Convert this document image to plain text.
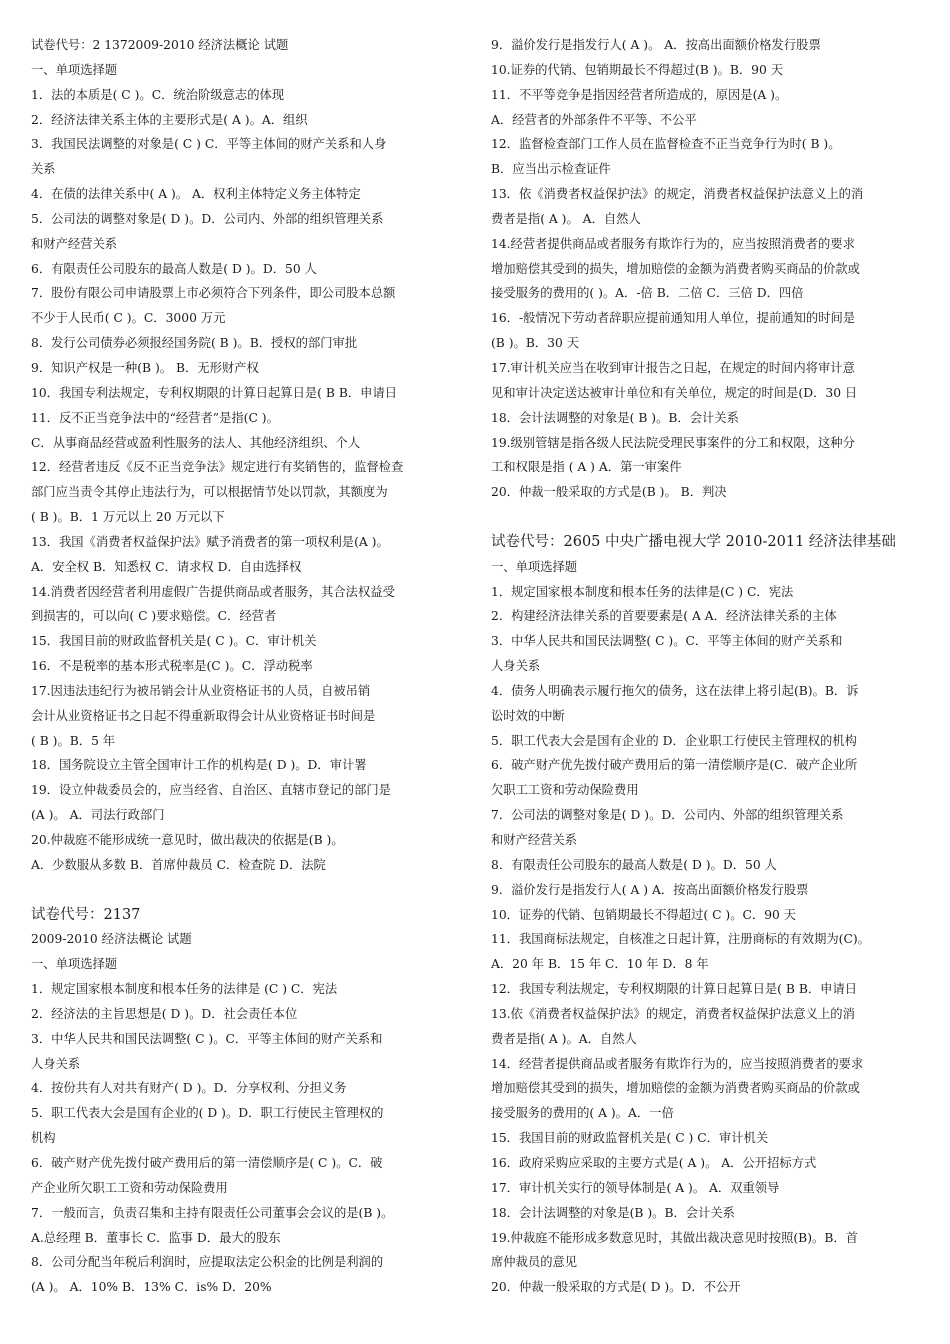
试卷代号：2 1372009-2010 经济法概论 试题
一、单项选择题
1．法的本质是( C )。C．统治阶级意志的体现
2．经济法律关系主体的主要形式是( A )。A．组织
3．我国民法调整的对象是( C ) C．平等主体间的财产关系和人身
关系
4．在债的法律关系中( A )。 A．权利主体特定义务主体特定
5．公司法的调整对象是( D )。D．公司内、外部的组织管理关系
和财产经营关系
6．有限责任公司股东的最高人数是( D )。D．50 人
7．股份有限公司申请股票上市必须符合下列条件，即公司股本总额
不少于人民币( C )。C．3000 万元
8．发行公司债券必须报经国务院( B )。B．授权的部门审批
9．知识产权是一种(B )。 B．无形财产权
10．我国专利法规定，专利权期限的计算日起算日是( B B．申请日
11．反不正当竞争法中的“经营者”是指(C )。
C．从事商品经营或盈利性服务的法人、其他经济组织、个人
12．经营者违反《反不正当竞争法》规定进行有奖销售的，监督检查
部门应当责令其停止违法行为，可以根据情节处以罚款，其额度为
( B )。B．1 万元以上 20 万元以下
13．我国《消费者权益保护法》赋予消费者的第一项权利是(A )。
A．安全权 B．知悉权 C．请求权 D．自由选择权
14.消费者因经营者利用虚假广告提供商品或者服务，其合法权益受
到损害的，可以向( C )要求赔偿。C．经营者
15．我国目前的财政监督机关是( C )。C．审计机关
16．不是税率的基本形式税率是(C )。C．浮动税率
17.因违法违纪行为被吊销会计从业资格证书的人员，自被吊销
会计从业资格证书之日起不得重新取得会计从业资格证书时间是
( B )。B．5 年
18．国务院设立主管全国审计工作的机构是( D )。D．审计署
19．设立仲裁委员会的，应当经省、自治区、直辖市登记的部门是
(A )。 A．司法行政部门
20.仲裁庭不能形成统一意见时，做出裁决的依据是(B )。
A．少数服从多数 B．首席仲裁员 C．检查院 D．法院
试卷代号：2137
2009-2010 经济法概论 试题
一、单项选择题
1．规定国家根本制度和根本任务的法律是 (C ) C．宪法
2．经济法的主旨思想是( D )。D．社会责任本位
3．中华人民共和国民法调整( C )。C．平等主体间的财产关系和
人身关系
4．按份共有人对共有财产( D )。D．分享权利、分担义务
5．职工代表大会是国有企业的( D )。D．职工行使民主管理权的
机构
6．破产财产优先拨付破产费用后的第一清偿顺序是( C )。C．破
产企业所欠职工工资和劳动保险费用
7．一般而言，负责召集和主持有限责任公司董事会会议的是(B )。
A.总经理 B．董事长 C．监事 D．最大的股东
8．公司分配当年税后利润时，应提取法定公积金的比例是利润的
(A )。 A．10% B．13% C．is% D．20%
9．溢价发行是指发行人( A )。 A．按高出面额价格发行股票
10.证券的代销、包销期最长不得超过(B )。B．90 天
11．不平等竞争是指因经营者所造成的，原因是(A )。
A．经营者的外部条件不平等、不公平
12．监督检查部门工作人员在监督检查不正当竞争行为时( B )。
B．应当出示检查证件
13．依《消费者权益保护法》的规定，消费者权益保护法意义上的消
费者是指( A )。 A．自然人
14.经营者提供商品或者服务有欺诈行为的，应当按照消费者的要求
增加赔偿其受到的损失，增加赔偿的金额为消费者购买商品的价款或
接受服务的费用的( )。A．-倍 B．二倍 C．三倍 D．四倍
16．-般情况下劳动者辞职应提前通知用人单位，提前通知的时间是
(B )。B．30 天
17.审计机关应当在收到审计报告之日起，在规定的时间内将审计意
见和审计决定送达被审计单位和有关单位，规定的时间是(D．30 日
18．会计法调整的对象是( B )。B．会计关系
19.级别管辖是指各级人民法院受理民事案件的分工和权限，这种分
工和权限是指 ( A ) A．第一审案件
20．仲裁一般采取的方式是(B )。 B．判决
试卷代号：2605 中央广播电视大学 2010-2011 经济法律基础
一、单项选择题
1．规定国家根本制度和根本任务的法律是(C ) C．宪法
2．构建经济法律关系的首要要素是( A A．经济法律关系的主体
3．中华人民共和国民法调整( C )。C．平等主体间的财产关系和
人身关系
4．债务人明确表示履行拖欠的债务，这在法律上将引起(B)。B．诉
讼时效的中断
5．职工代表大会是国有企业的 D．企业职工行使民主管理权的机构
6．破产财产优先拨付破产费用后的第一清偿顺序是(C．破产企业所
欠职工工资和劳动保险费用
7．公司法的调整对象是( D )。D．公司内、外部的组织管理关系
和财产经营关系
8．有限责任公司股东的最高人数是( D )。D．50 人
9．溢价发行是指发行人( A ) A．按高出面额价格发行股票
10．证券的代销、包销期最长不得超过( C )。C．90 天
11．我国商标法规定，自核准之日起计算，注册商标的有效期为(C)。
A．20 年 B．15 年 C．10 年 D．8 年
12．我国专利法规定，专利权期限的计算日起算日是( B B．申请日
13.依《消费者权益保护法》的规定，消费者权益保护法意义上的消
费者是指( A )。A．自然人
14．经营者提供商品或者服务有欺诈行为的，应当按照消费者的要求
增加赔偿其受到的损失，增加赔偿的金额为消费者购买商品的价款或
接受服务的费用的( A )。A．一倍
15．我国目前的财政监督机关是( C ) C．审计机关
16．政府采购应采取的主要方式是( A )。 A．公开招标方式
17．审计机关实行的领导体制是( A )。 A．双重领导
18．会计法调整的对象是(B )。B．会计关系
19.仲裁庭不能形成多数意见时，其做出裁决意见时按照(B)。B．首
席仲裁员的意见
20．仲裁一般采取的方式是( D )。D．不公开
